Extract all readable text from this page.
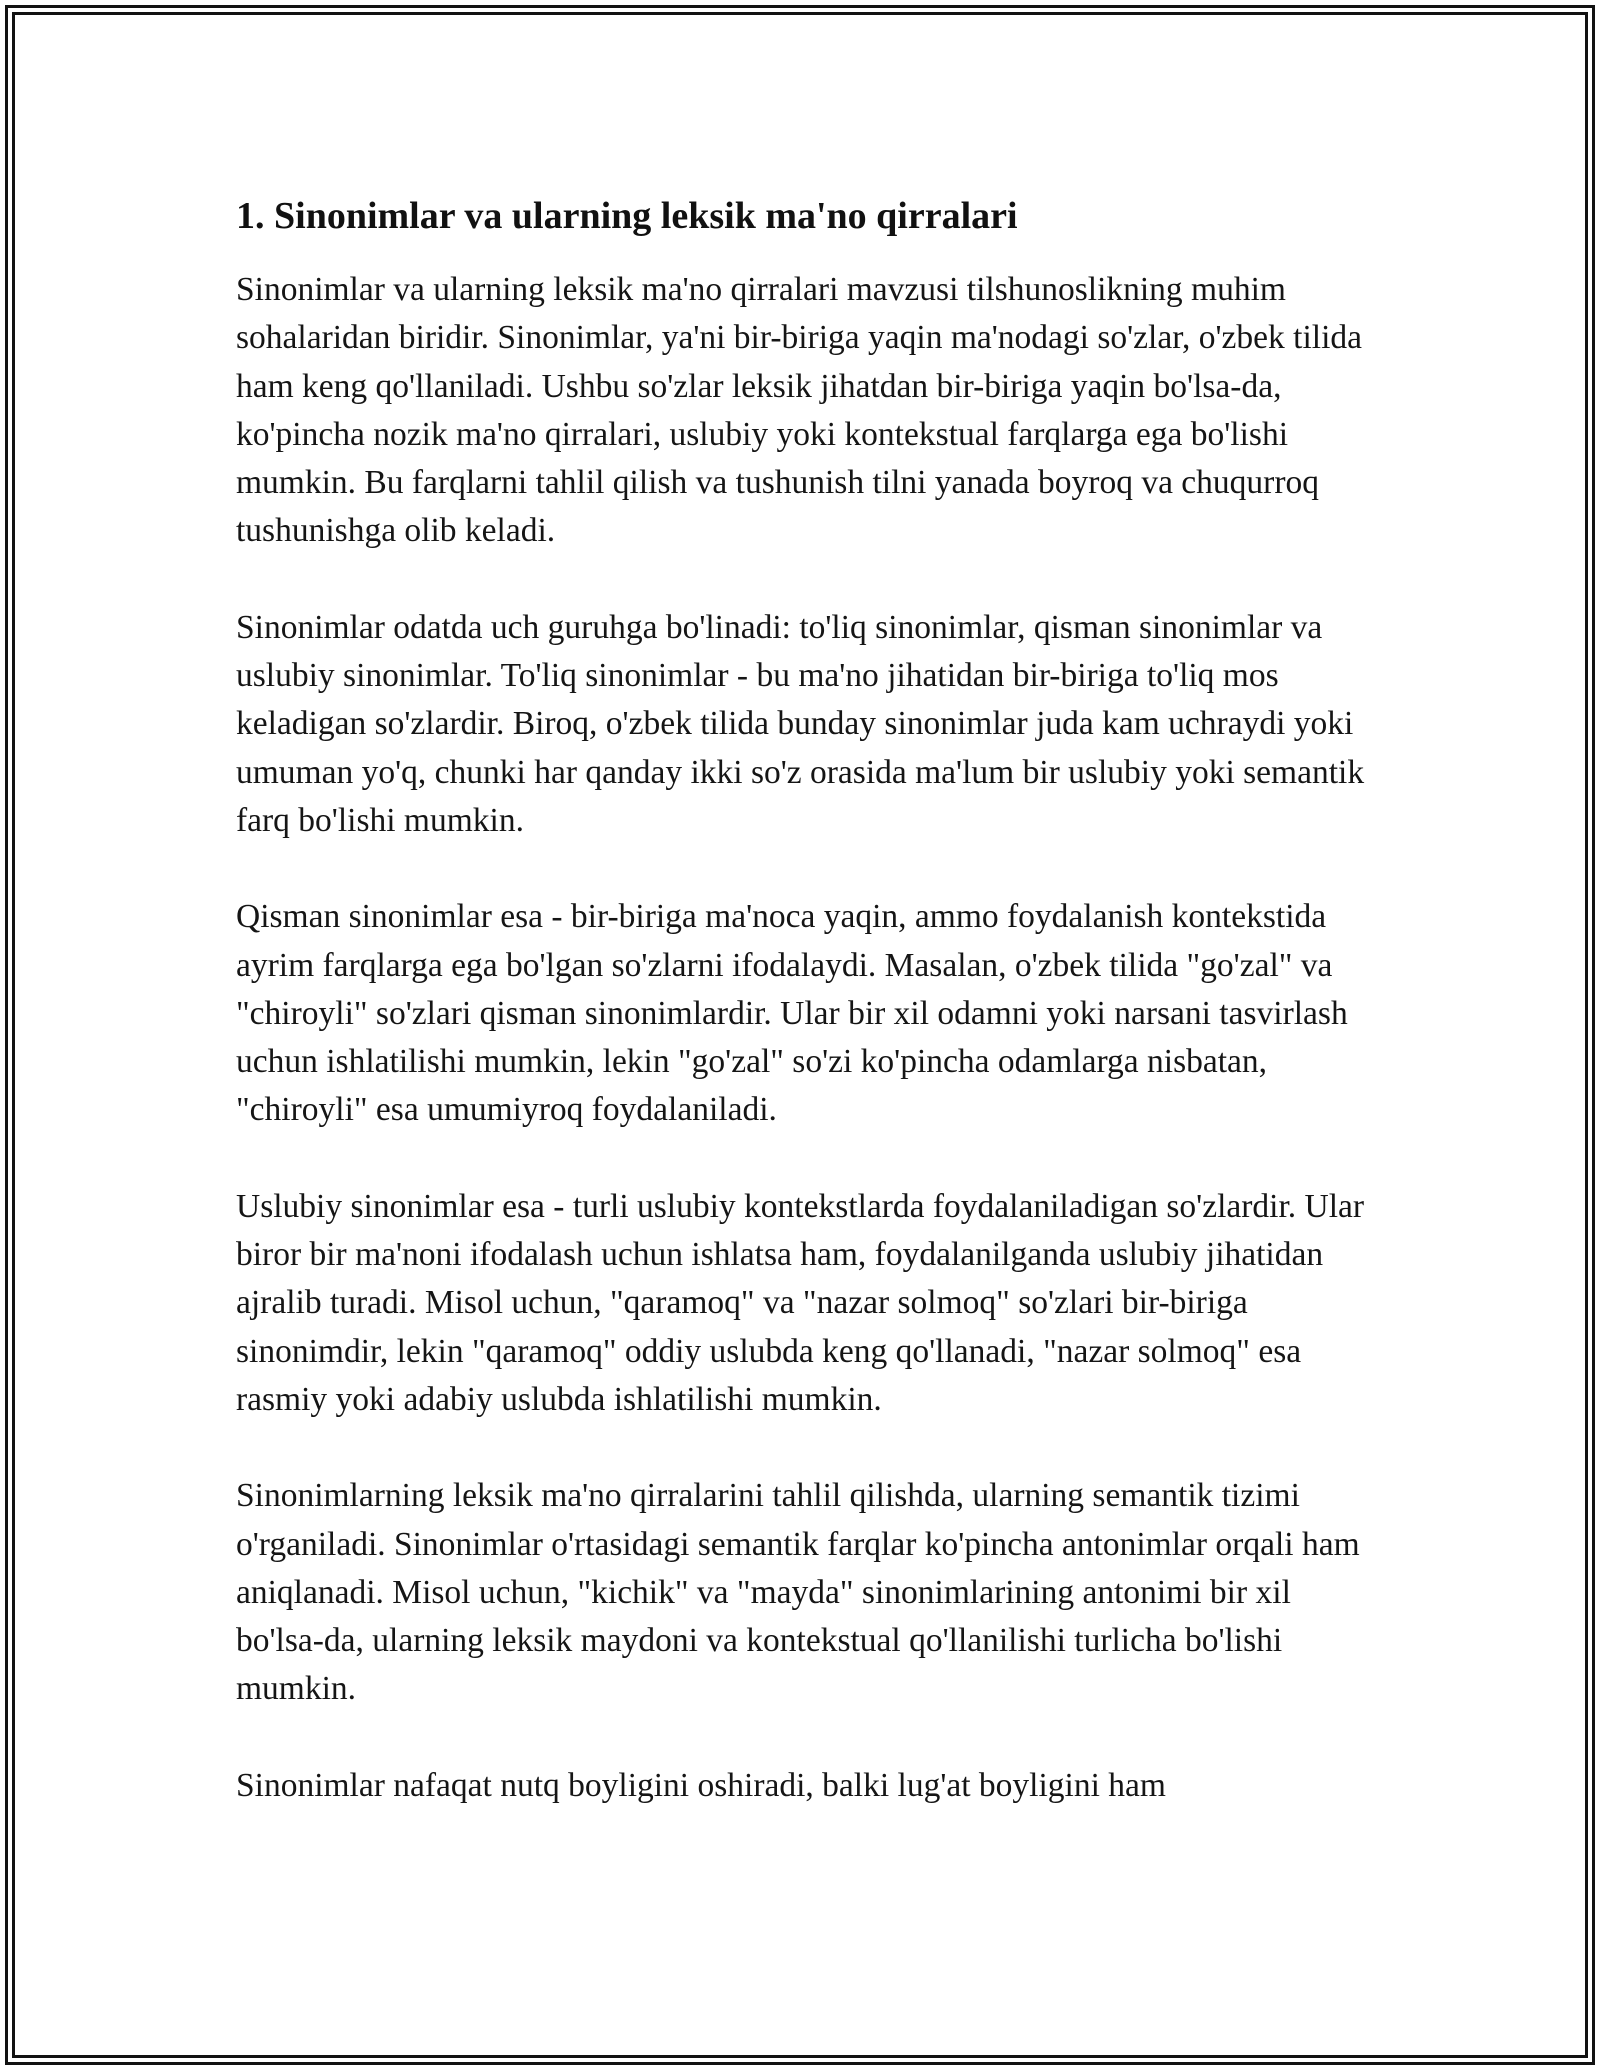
1. Sinonimlar va ularning leksik ma'no qirralari

Sinonimlar va ularning leksik ma'no qirralari mavzusi tilshunoslikning muhim sohalaridan biridir. Sinonimlar, ya'ni bir-biriga yaqin ma'nodagi so'zlar, o'zbek tilida ham keng qo'llaniladi. Ushbu so'zlar leksik jihatdan bir-biriga yaqin bo'lsa-da, ko'pincha nozik ma'no qirralari, uslubiy yoki kontekstual farqlarga ega bo'lishi mumkin. Bu farqlarni tahlil qilish va tushunish tilni yanada boyroq va chuqurroq tushunishga olib keladi.

Sinonimlar odatda uch guruhga bo'linadi: to'liq sinonimlar, qisman sinonimlar va uslubiy sinonimlar. To'liq sinonimlar - bu ma'no jihatidan bir-biriga to'liq mos keladigan so'zlardir. Biroq, o'zbek tilida bunday sinonimlar juda kam uchraydi yoki umuman yo'q, chunki har qanday ikki so'z orasida ma'lum bir uslubiy yoki semantik farq bo'lishi mumkin.

Qisman sinonimlar esa - bir-biriga ma'noca yaqin, ammo foydalanish kontekstida ayrim farqlarga ega bo'lgan so'zlarni ifodalaydi. Masalan, o'zbek tilida "go'zal" va "chiroyli" so'zlari qisman sinonimlardir. Ular bir xil odamni yoki narsani tasvirlash uchun ishlatilishi mumkin, lekin "go'zal" so'zi ko'pincha odamlarga nisbatan, "chiroyli" esa umumiyroq foydalaniladi.

Uslubiy sinonimlar esa - turli uslubiy kontekstlarda foydalaniladigan so'zlardir. Ular biror bir ma'noni ifodalash uchun ishlatsa ham, foydalanilganda uslubiy jihatidan ajralib turadi. Misol uchun, "qaramoq" va "nazar solmoq" so'zlari bir-biriga sinonimdir, lekin "qaramoq" oddiy uslubda keng qo'llanadi, "nazar solmoq" esa rasmiy yoki adabiy uslubda ishlatilishi mumkin.

Sinonimlarning leksik ma'no qirralarini tahlil qilishda, ularning semantik tizimi o'rganiladi. Sinonimlar o'rtasidagi semantik farqlar ko'pincha antonimlar orqali ham aniqlanadi. Misol uchun, "kichik" va "mayda" sinonimlarining antonimi bir xil bo'lsa-da, ularning leksik maydoni va kontekstual qo'llanilishi turlicha bo'lishi mumkin.

Sinonimlar nafaqat nutq boyligini oshiradi, balki lug'at boyligini ham
